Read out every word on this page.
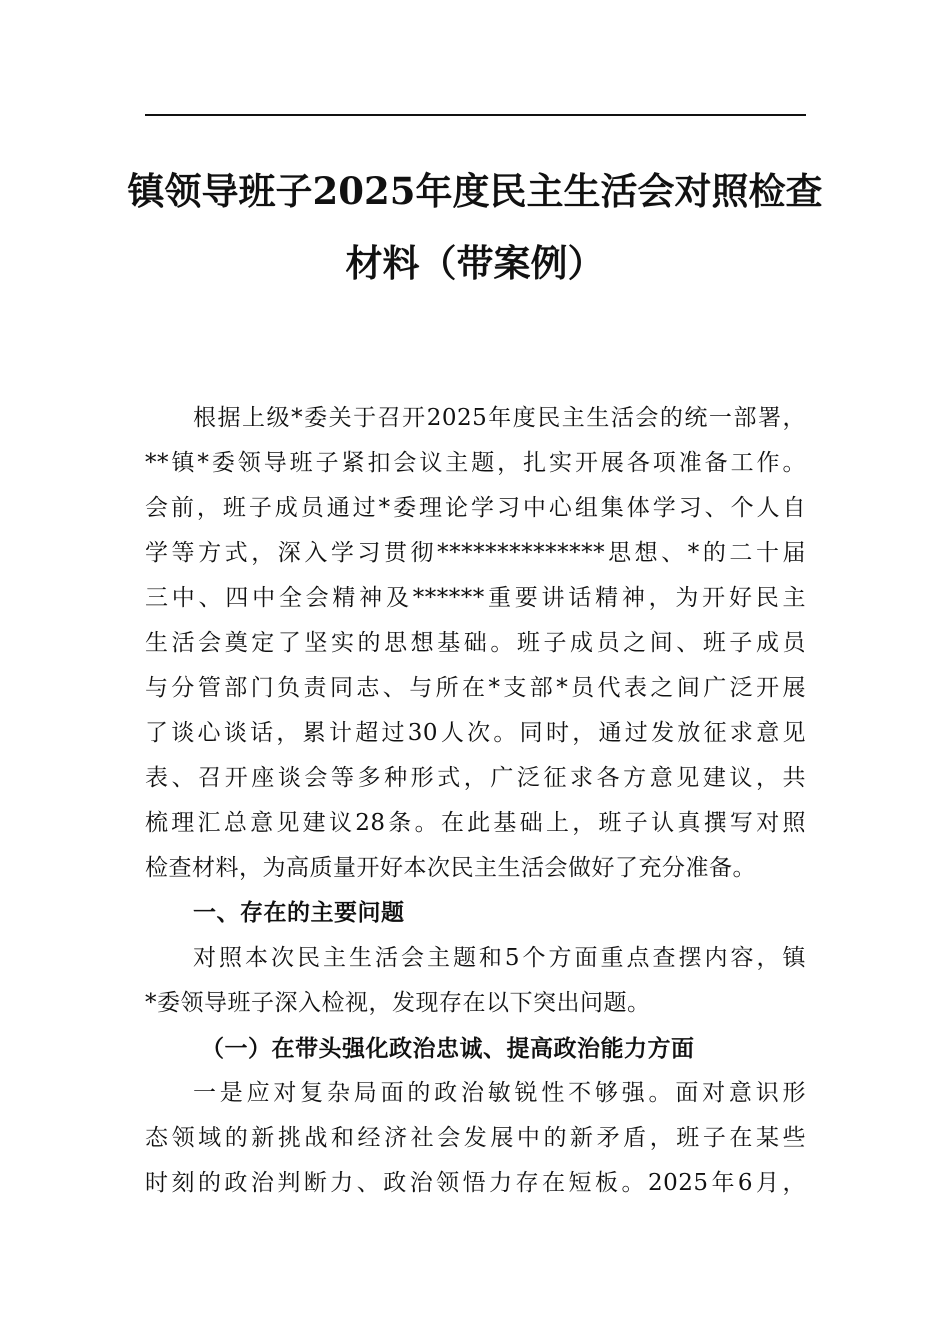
镇领导班子2025年度民主生活会对照检查
材料（带案例）
根据上级*委关于召开2025年度民主生活会的统一部署，
**镇*委领导班子紧扣会议主题，扎实开展各项准备工作。
会前，班子成员通过*委理论学习中心组集体学习、个人自
学等方式，深入学习贯彻**************思想、*的二十届
三中、四中全会精神及******重要讲话精神，为开好民主
生活会奠定了坚实的思想基础。班子成员之间、班子成员
与分管部门负责同志、与所在*支部*员代表之间广泛开展
了谈心谈话，累计超过30人次。同时，通过发放征求意见
表、召开座谈会等多种形式，广泛征求各方意见建议，共
梳理汇总意见建议28条。在此基础上，班子认真撰写对照
检查材料，为高质量开好本次民主生活会做好了充分准备。
一、存在的主要问题
对照本次民主生活会主题和5个方面重点查摆内容，镇
*委领导班子深入检视，发现存在以下突出问题。
（一）在带头强化政治忠诚、提高政治能力方面
一是应对复杂局面的政治敏锐性不够强。面对意识形
态领域的新挑战和经济社会发展中的新矛盾，班子在某些
时刻的政治判断力、政治领悟力存在短板。2025年6月，
